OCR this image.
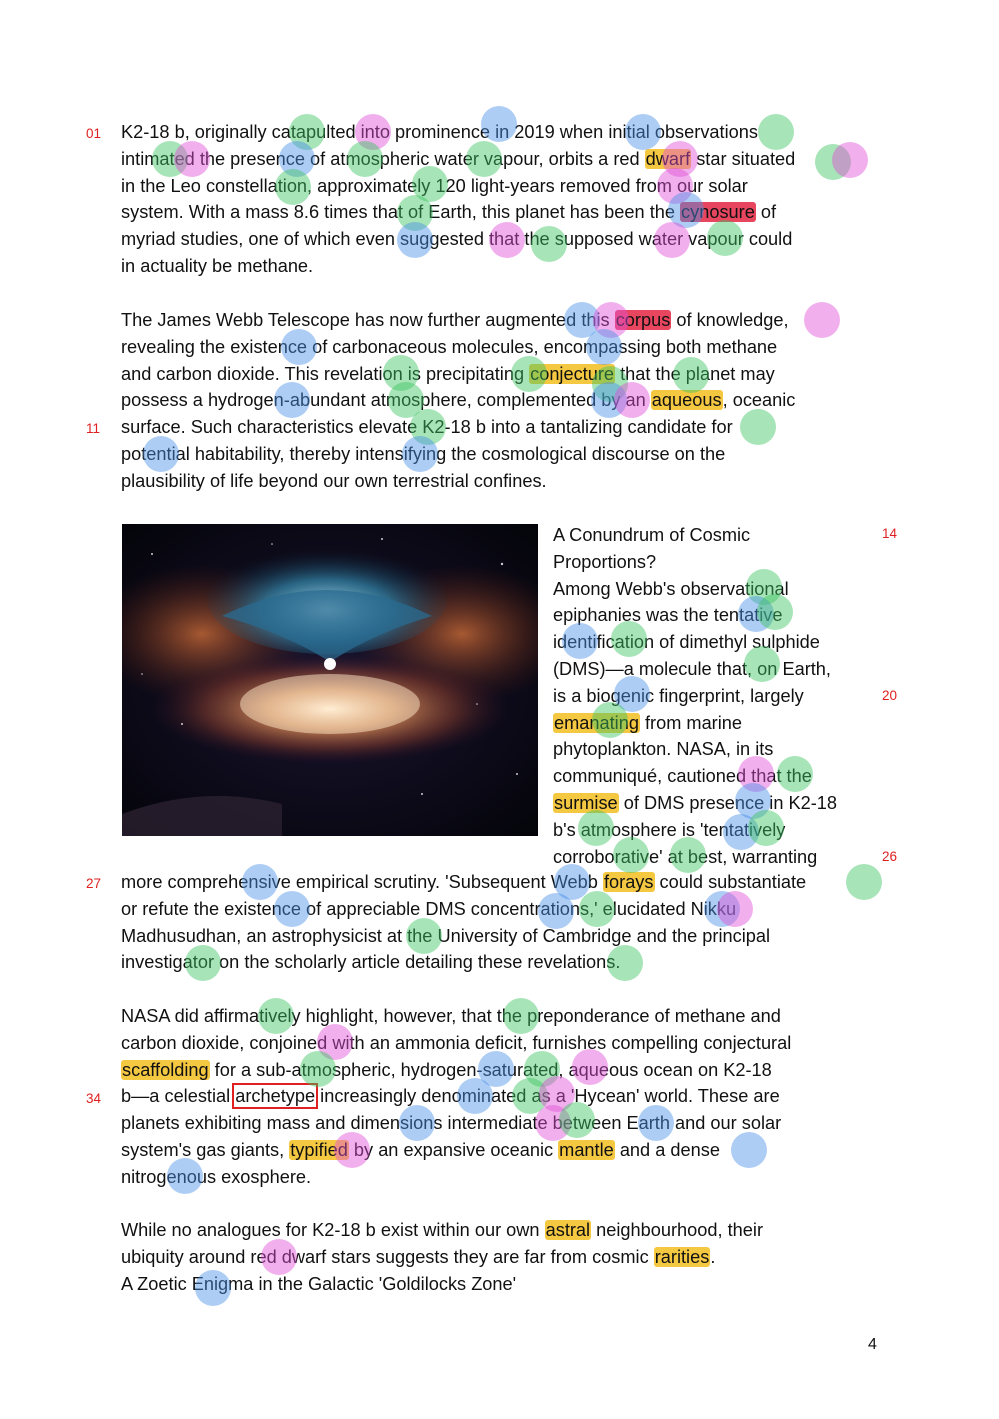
01
11
14
20
26
27
34
K2-18 b, originally catapulted into prominence in 2019 when initial observations
intimated the presence of atmospheric water vapour, orbits a red dwarf star situated
in the Leo constellation, approximately 120 light-years removed from our solar
system. With a mass 8.6 times that of Earth, this planet has been the cynosure of
myriad studies, one of which even suggested that the supposed water vapour could
in actuality be methane.
The James Webb Telescope has now further augmented this corpus of knowledge,
revealing the existence of carbonaceous molecules, encompassing both methane
and carbon dioxide. This revelation is precipitating conjecture that the planet may
possess a hydrogen-abundant atmosphere, complemented by an aqueous, oceanic
surface. Such characteristics elevate K2-18 b into a tantalizing candidate for
potential habitability, thereby intensifying the cosmological discourse on the
plausibility of life beyond our own terrestrial confines.
A Conundrum of Cosmic
Proportions?
Among Webb's observational
epiphanies was the tentative
identification of dimethyl sulphide
(DMS)—a molecule that, on Earth,
is a biogenic fingerprint, largely
emanating from marine
phytoplankton. NASA, in its
communiqué, cautioned that the
surmise of DMS presence in K2-18
b's atmosphere is 'tentatively
corroborative' at best, warranting
more comprehensive empirical scrutiny. 'Subsequent Webb forays could substantiate
or refute the existence of appreciable DMS concentrations,' elucidated Nikku
Madhusudhan, an astrophysicist at the University of Cambridge and the principal
investigator on the scholarly article detailing these revelations.
NASA did affirmatively highlight, however, that the preponderance of methane and
carbon dioxide, conjoined with an ammonia deficit, furnishes compelling conjectural
scaffolding for a sub-atmospheric, hydrogen-saturated, aqueous ocean on K2-18
b—a celestial archetype increasingly denominated as a 'Hycean' world. These are
planets exhibiting mass and dimensions intermediate between Earth and our solar
system's gas giants, typified by an expansive oceanic mantle and a dense
nitrogenous exosphere.
While no analogues for K2-18 b exist within our own astral neighbourhood, their
ubiquity around red dwarf stars suggests they are far from cosmic rarities.
A Zoetic Enigma in the Galactic 'Goldilocks Zone'
4
